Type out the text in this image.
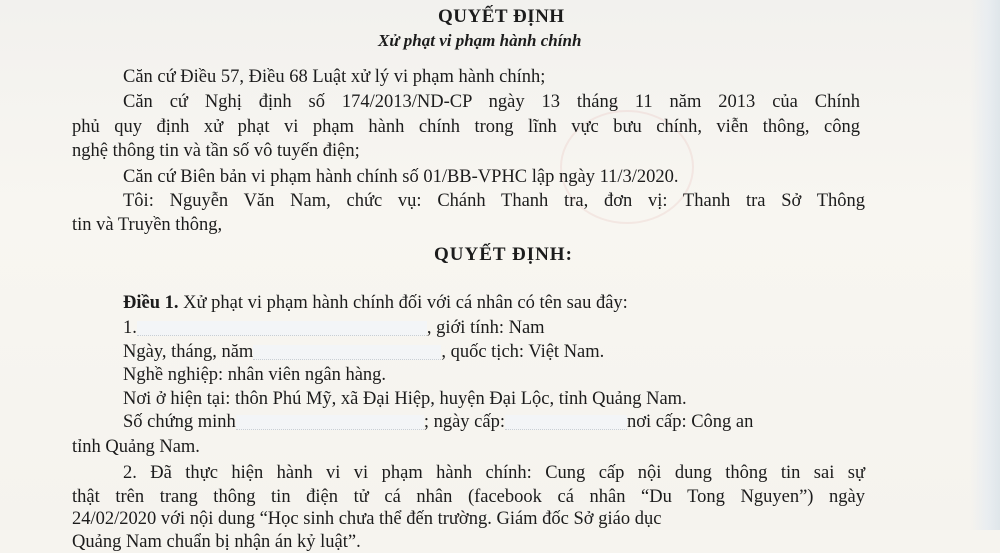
QUYẾT ĐỊNH
Xử phạt vi phạm hành chính
Căn cứ Điều 57, Điều 68 Luật xử lý vi phạm hành chính;
Căn cứ Nghị định số 174/2013/ND-CP ngày 13 tháng 11 năm 2013 của Chính
phủ quy định xử phạt vi phạm hành chính trong lĩnh vực bưu chính, viễn thông, công
nghệ thông tin và tần số vô tuyến điện;
Căn cứ Biên bản vi phạm hành chính số 01/BB-VPHC lập ngày 11/3/2020.
Tôi: Nguyễn Văn Nam, chức vụ: Chánh Thanh tra, đơn vị: Thanh tra Sở Thông
tin và Truyền thông,
QUYẾT ĐỊNH:
Điều 1. Xử phạt vi phạm hành chính đối với cá nhân có tên sau đây:
1.	, giới tính: Nam
Ngày, tháng, năm	, quốc tịch: Việt Nam.
Nghề nghiệp: nhân viên ngân hàng.
Nơi ở hiện tại: thôn Phú Mỹ, xã Đại Hiệp, huyện Đại Lộc, tỉnh Quảng Nam.
Số chứng minh	; ngày cấp:	nơi cấp: Công an
tỉnh Quảng Nam.
2. Đã thực hiện hành vi vi phạm hành chính: Cung cấp nội dung thông tin sai sự
thật trên trang thông tin điện tử cá nhân (facebook cá nhân “Du Tong Nguyen”) ngày
24/02/2020 với nội dung “Học sinh chưa thể đến trường. Giám đốc Sở giáo dục
Quảng Nam chuẩn bị nhận án kỷ luật”.
